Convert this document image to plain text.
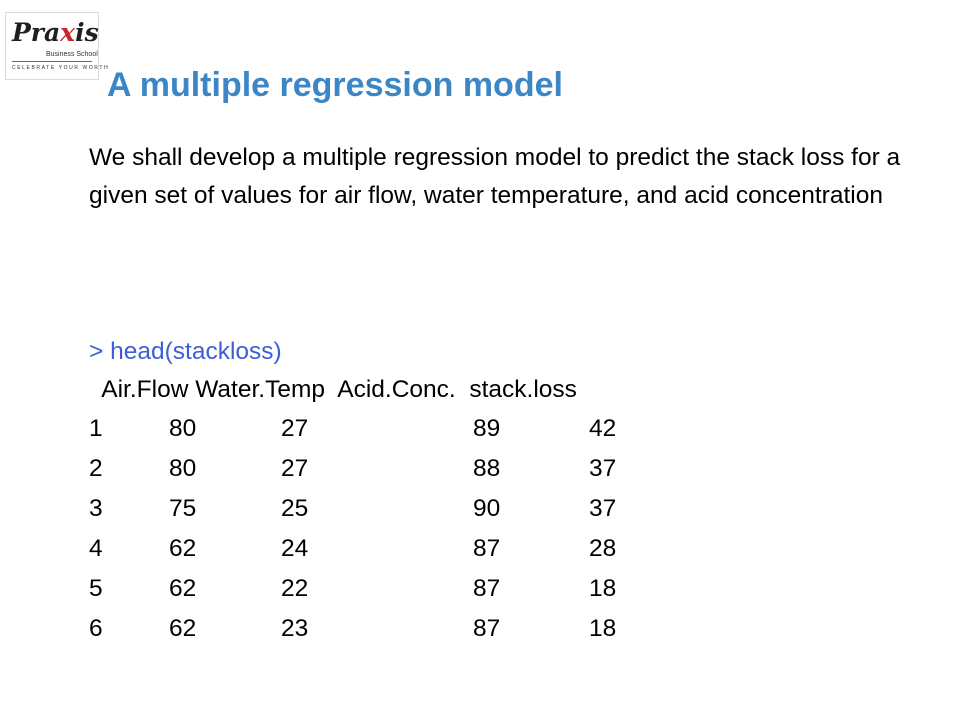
Praxis
Business School
CELEBRATE YOUR WORTH
A multiple regression model

We shall develop a multiple regression model to predict the stack loss for a given set of values for air flow, water temperature, and acid concentration

> head(stackloss)
Air.Flow Water.Temp  Acid.Conc.  stack.loss
1	80	27	89	42
2	80	27	88	37
3	75	25	90	37
4	62	24	87	28
5	62	22	87	18
6	62	23	87	18
